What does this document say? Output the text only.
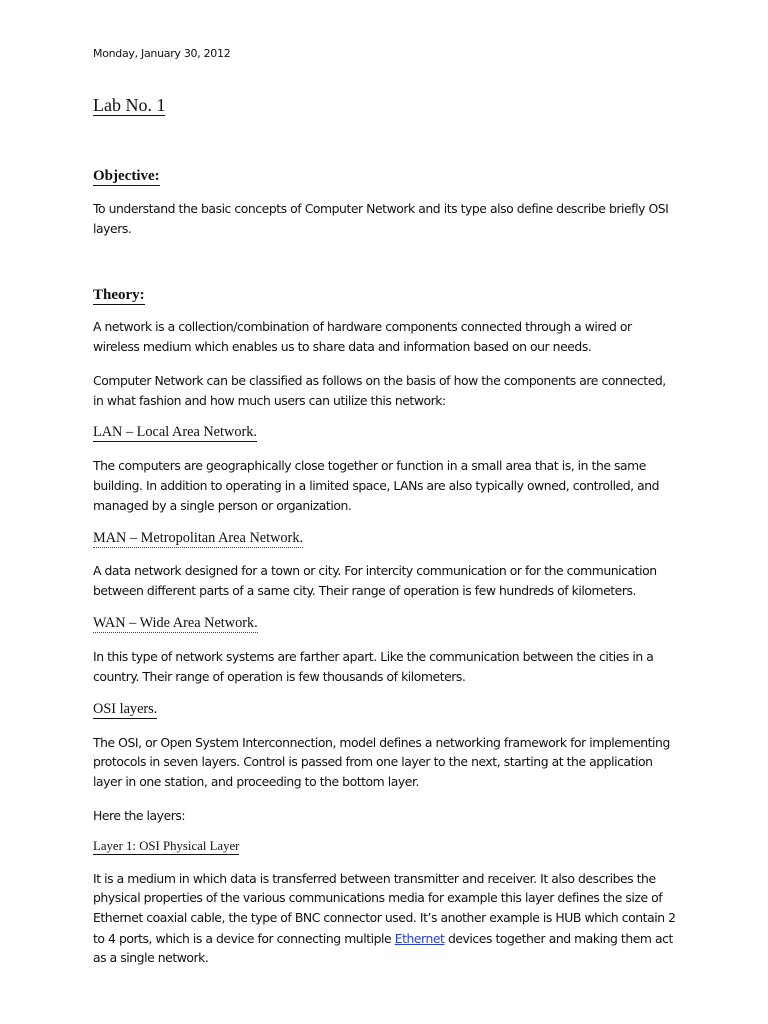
Monday, January 30, 2012

Lab No. 1

Objective:

To understand the basic concepts of Computer Network and its type also define describe briefly OSI

layers.

Theory:

A network is a collection/combination of hardware components connected through a wired or

wireless medium which enables us to share data and information based on our needs.

Computer Network can be classified as follows on the basis of how the components are connected,

in what fashion and how much users can utilize this network:

LAN – Local Area Network.

The computers are geographically close together or function in a small area that is, in the same

building. In addition to operating in a limited space, LANs are also typically owned, controlled, and

managed by a single person or organization.

MAN – Metropolitan Area Network.

A data network designed for a town or city. For intercity communication or for the communication

between different parts of a same city. Their range of operation is few hundreds of kilometers.

WAN – Wide Area Network.

In this type of network systems are farther apart. Like the communication between the cities in a

country. Their range of operation is few thousands of kilometers.

OSI layers.

The OSI, or Open System Interconnection, model defines a networking framework for implementing

protocols in seven layers. Control is passed from one layer to the next, starting at the application

layer in one station, and proceeding to the bottom layer.

Here the layers:

Layer 1: OSI Physical Layer

It is a medium in which data is transferred between transmitter and receiver. It also describes the

physical properties of the various communications media for example this layer defines the size of

Ethernet coaxial cable, the type of BNC connector used. It’s another example is HUB which contain 2

to 4 ports, which is a device for connecting multiple Ethernet devices together and making them act

as a single network.
